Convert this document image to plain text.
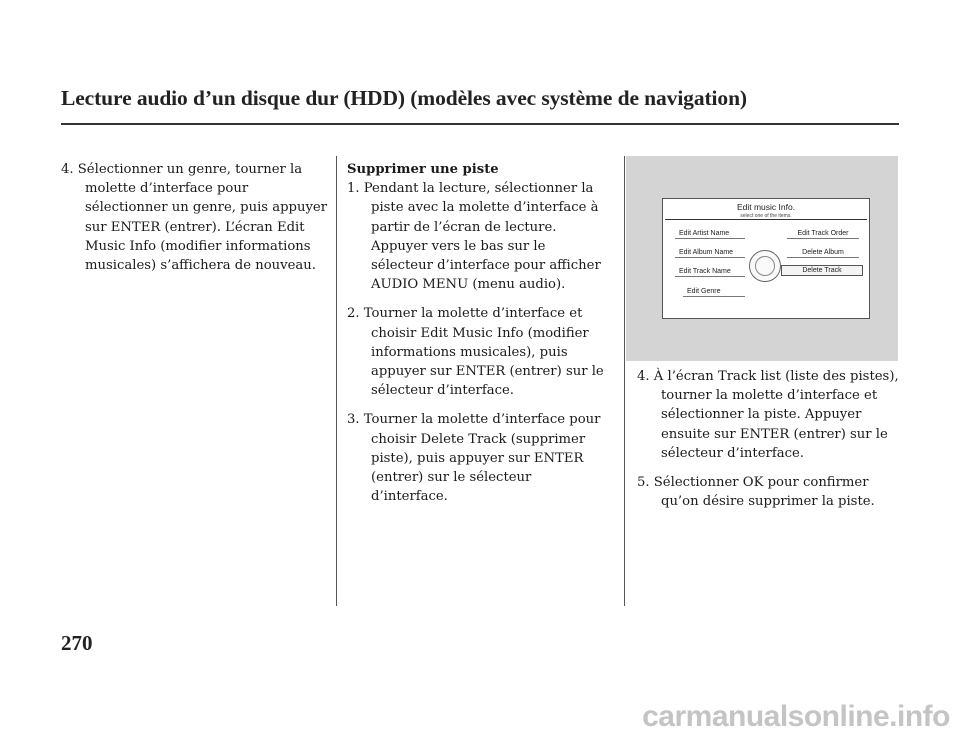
Lecture audio d’un disque dur (HDD) (modèles avec système de navigation)

4. Sélectionner un genre, tourner la molette d’interface pour sélectionner un genre, puis appuyer sur ENTER (entrer). L’écran Edit Music Info (modifier informations musicales) s’affichera de nouveau.

Supprimer une piste

1. Pendant la lecture, sélectionner la piste avec la molette d’interface à partir de l’écran de lecture. Appuyer vers le bas sur le sélecteur d’interface pour afficher AUDIO MENU (menu audio).

2. Tourner la molette d’interface et choisir Edit Music Info (modifier informations musicales), puis appuyer sur ENTER (entrer) sur le sélecteur d’interface.

3. Tourner la molette d’interface pour choisir Delete Track (supprimer piste), puis appuyer sur ENTER (entrer) sur le sélecteur d’interface.

Edit music Info.
select one of the items.
Edit Artist Name
Edit Album Name
Edit Track Name
Edit Genre
Edit Track Order
Delete Album
Delete Track

4. À l’écran Track list (liste des pistes), tourner la molette d’interface et sélectionner la piste. Appuyer ensuite sur ENTER (entrer) sur le sélecteur d’interface.

5. Sélectionner OK pour confirmer qu’on désire supprimer la piste.

270
carmanualsonline.info
